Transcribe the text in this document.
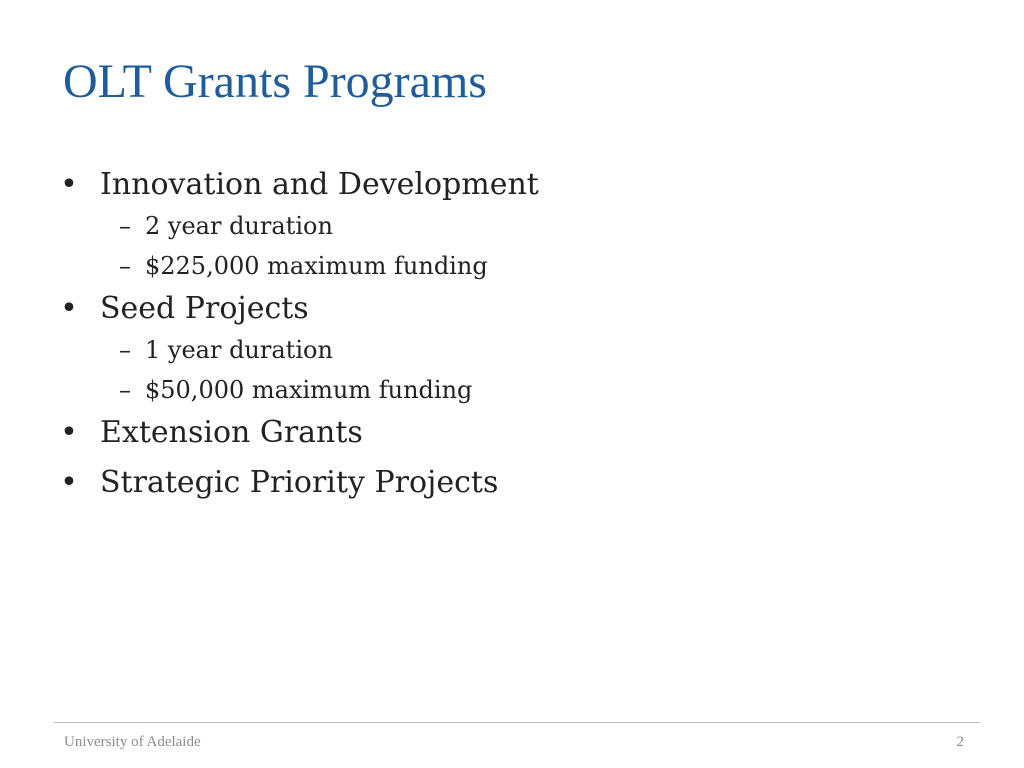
OLT Grants Programs
• Innovation and Development
– 2 year duration
– $225,000 maximum funding
• Seed Projects
– 1 year duration
– $50,000 maximum funding
• Extension Grants
• Strategic Priority Projects
University of Adelaide	2
